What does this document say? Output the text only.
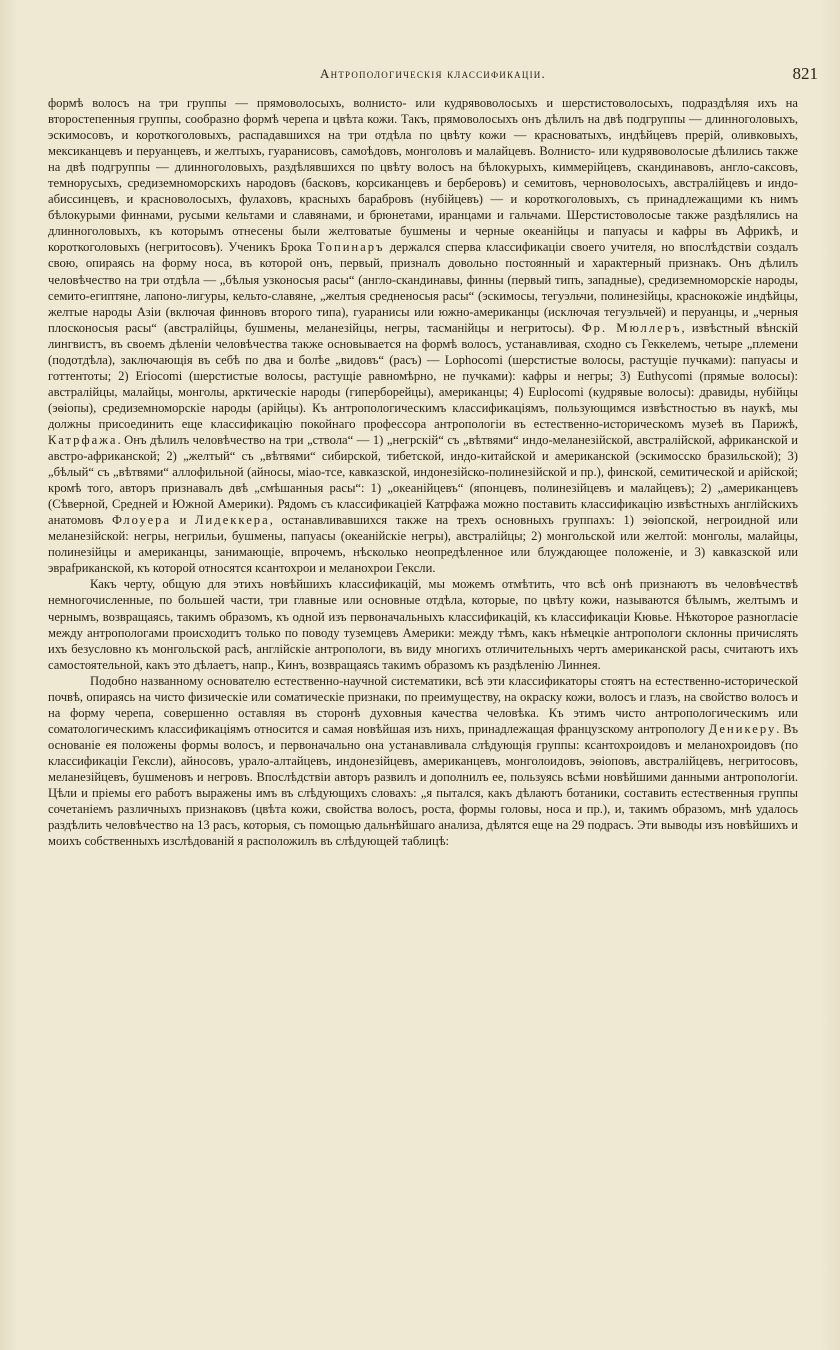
Антропологическія классификаціи.	821

формѣ волосъ на три группы — прямоволосыхъ, волнисто- или кудрявоволосыхъ и шерстистоволосыхъ, подраздѣляя ихъ на второстепенныя группы, сообразно формѣ черепа и цвѣта кожи. Такъ, прямоволосыхъ онъ дѣлилъ на двѣ подгруппы — длинноголовыхъ, эскимосовъ, и короткоголовыхъ, распадавшихся на три отдѣла по цвѣту кожи — красноватыхъ, индѣйцевъ прерій, оливковыхъ, мексиканцевъ и перуанцевъ, и желтыхъ, гуаранисовъ, самоѣдовъ, монголовъ и малайцевъ. Волнисто- или кудрявоволосые дѣлились также на двѣ подгруппы — длинноголовыхъ, раздѣлявшихся по цвѣту волосъ на бѣлокурыхъ, киммерійцевъ, скандинавовъ, англо-саксовъ, темнорусыхъ, средиземноморскихъ народовъ (басковъ, корсиканцевъ и берберовъ) и семитовъ, черноволосыхъ, австралійцевъ и индо-абиссинцевъ, и красноволосыхъ, фулаховъ, красныхъ барабровъ (нубійцевъ) — и короткоголовыхъ, съ принадлежащими къ нимъ бѣлокурыми финнами, русыми кельтами и славянами, и брюнетами, иранцами и гальчами. Шерстистоволосые также раздѣлялись на длинноголовыхъ, къ которымъ отнесены были желтоватые бушмены и черные океанійцы и папуасы и кафры въ Африкѣ, и короткоголовыхъ (негритосовъ). Ученикъ Брока Топинаръ держался сперва классификаціи своего учителя, но впослѣдствіи создалъ свою, опираясь на форму носа, въ которой онъ, первый, призналъ довольно постоянный и характерный признакъ. Онъ дѣлилъ человѣчество на три отдѣла — „бѣлыя узконосыя расы“ (англо-скандинавы, финны (первый типъ, западные), средиземноморскіе народы, семито-египтяне, лапоно-лигуры, кельто-славяне, „желтыя средненосыя расы“ (эскимосы, тегуэльчи, полинезійцы, краснокожіе индѣйцы, желтые народы Азіи (включая финновъ второго типа), гуаранисы или южно-американцы (исключая тегуэльчей) и перуанцы, и „черныя плосконосыя расы“ (австралійцы, бушмены, меланезійцы, негры, тасманійцы и негритосы). Фр. Мюллеръ, извѣстный вѣнскій лингвистъ, въ своемъ дѣленіи человѣчества также основывается на формѣ волосъ, устанавливая, сходно съ Геккелемъ, четыре „племени (подотдѣла), заключающія въ себѣ по два и болѣе „видовъ“ (расъ) — Lophocomi (шерстистые волосы, растущіе пучками): папуасы и готтентоты; 2) Eriocomi (шерстистые волосы, растущіе равномѣрно, не пучками): кафры и негры; 3) Euthycomi (прямые волосы): австралійцы, малайцы, монголы, арктическіе народы (гиперборейцы), американцы; 4) Euplocomi (кудрявые волосы): дравиды, нубійцы (эѳіопы), средиземноморскіе народы (арійцы). Къ антропологическимъ классификаціямъ, пользующимся извѣстностью въ наукѣ, мы должны присоединить еще классификацію покойнаго профессора антропологіи въ естественно-историческомъ музеѣ въ Парижѣ, Катрфажа. Онъ дѣлилъ человѣчество на три „ствола“ — 1) „негрскій“ съ „вѣтвями“ индо-меланезійской, австралійской, африканской и австро-африканской; 2) „желтый“ съ „вѣтвями“ сибирской, тибетской, индо-китайской и американской (эскимосско бразильской); 3) „бѣлый“ съ „вѣтвями“ аллофильной (айносы, міао-тсе, кавказской, индонезійско-полинезійской и пр.), финской, семитической и арійской; кромѣ того, авторъ признавалъ двѣ „смѣшанныя расы“: 1) „океанійцевъ“ (японцевъ, полинезійцевъ и малайцевъ); 2) „американцевъ (Сѣверной, Средней и Южной Америки). Рядомъ съ классификаціей Катрфажа можно поставить классификацію извѣстныхъ англійскихъ анатомовъ Флоуера и Лидеккера, останавливавшихся также на трехъ основныхъ группахъ: 1) эѳіопской, негроидной или меланезійской: негры, негрильи, бушмены, папуасы (океанійскіе негры), австралійцы; 2) монгольской или желтой: монголы, малайцы, полинезійцы и американцы, занимающіе, впрочемъ, нѣсколько неопредѣленное или блуждающее положеніе, и 3) кавказской или эвраfриканской, къ которой относятся ксантохрои и меланохрои Гексли.

Какъ черту, общую для этихъ новѣйшихъ классификацій, мы можемъ отмѣтить, что всѣ онѣ признаютъ въ человѣчествѣ немногочисленные, по большей части, три главные или основные отдѣла, которые, по цвѣту кожи, называются бѣлымъ, желтымъ и чернымъ, возвращаясь, такимъ образомъ, къ одной изъ первоначальныхъ классификацій, къ классификаціи Кювье. Нѣкоторое разногласіе между антропологами происходитъ только по поводу туземцевъ Америки: между тѣмъ, какъ нѣмецкіе антропологи склонны причислять ихъ безусловно къ монгольской расѣ, англійскіе антропологи, въ виду многихъ отличительныхъ чертъ американской расы, считаютъ ихъ самостоятельной, какъ это дѣлаетъ, напр., Кинъ, возвращаясь такимъ образомъ къ раздѣленію Линнея.

Подобно названному основателю естественно-научной систематики, всѣ эти классификаторы стоятъ на естественно-исторической почвѣ, опираясь на чисто физическіе или соматическіе признаки, по преимуществу, на окраску кожи, волосъ и глазъ, на свойство волосъ и на форму черепа, совершенно оставляя въ сторонѣ духовныя качества человѣка. Къ этимъ чисто антропологическимъ или соматологическимъ классификаціямъ относится и самая новѣйшая изъ нихъ, принадлежащая французскому антропологу Деникеру. Въ основаніе ея положены формы волосъ, и первоначально она устанавливала слѣдующія группы: ксантохроидовъ и меланохроидовъ (по классификаціи Гексли), айносовъ, урало-алтайцевъ, индонезійцевъ, американцевъ, монголоидовъ, эѳіоповъ, австралійцевъ, негритосовъ, меланезійцевъ, бушменовъ и негровъ. Впослѣдствіи авторъ развилъ и дополнилъ ее, пользуясь всѣми новѣйшими данными антропологіи. Цѣли и пріемы его работъ выражены имъ въ слѣдующихъ словахъ: „я пытался, какъ дѣлаютъ ботаники, составить естественныя группы сочетаніемъ различныхъ признаковъ (цвѣта кожи, свойства волосъ, роста, формы головы, носа и пр.), и, такимъ образомъ, мнѣ удалось раздѣлить человѣчество на 13 расъ, которыя, съ помощью дальнѣйшаго анализа, дѣлятся еще на 29 подрасъ. Эти выводы изъ новѣйшихъ и моихъ собственныхъ изслѣдованій я расположилъ въ слѣдующей таблицѣ:
